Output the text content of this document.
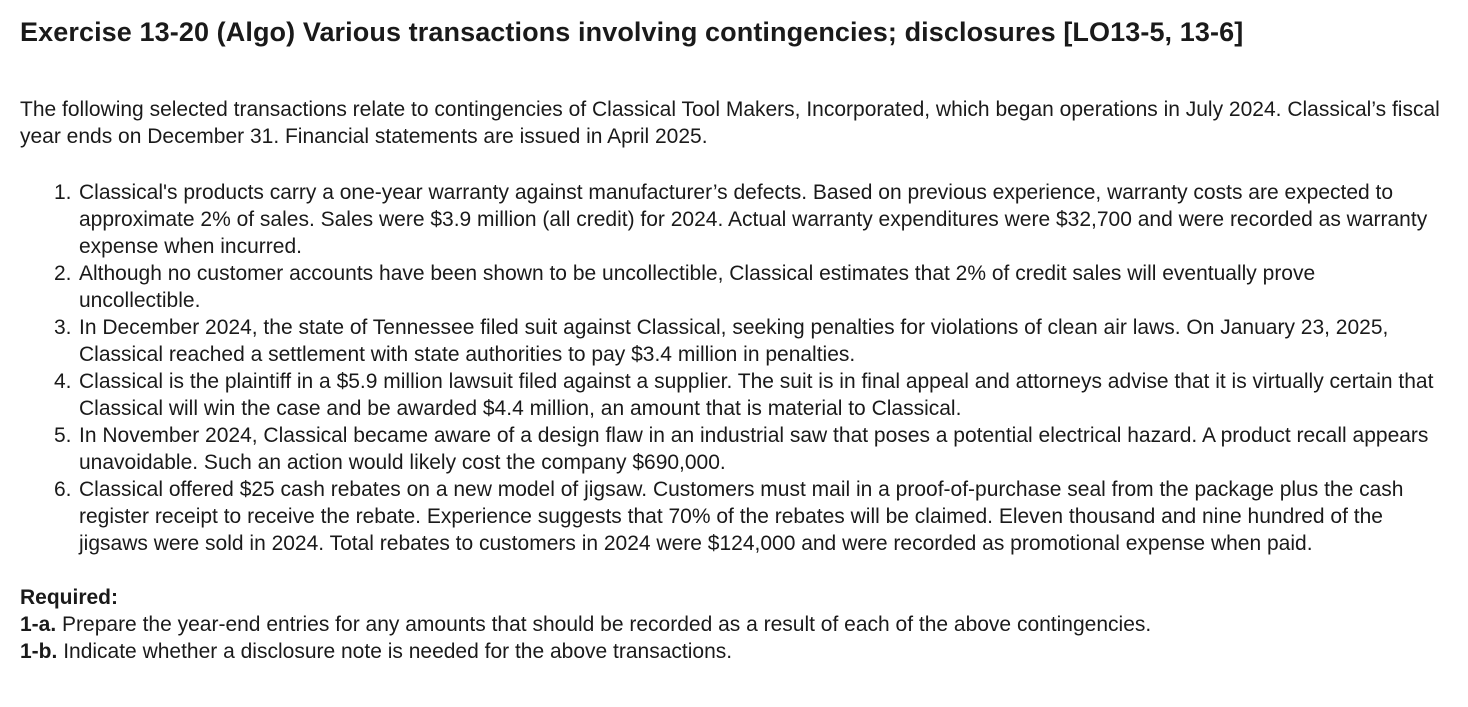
Exercise 13-20 (Algo) Various transactions involving contingencies; disclosures [LO13-5, 13-6]

The following selected transactions relate to contingencies of Classical Tool Makers, Incorporated, which began operations in July 2024. Classical’s fiscal year ends on December 31. Financial statements are issued in April 2025.

1. Classical's products carry a one-year warranty against manufacturer’s defects. Based on previous experience, warranty costs are expected to approximate 2% of sales. Sales were $3.9 million (all credit) for 2024. Actual warranty expenditures were $32,700 and were recorded as warranty expense when incurred.
2. Although no customer accounts have been shown to be uncollectible, Classical estimates that 2% of credit sales will eventually prove uncollectible.
3. In December 2024, the state of Tennessee filed suit against Classical, seeking penalties for violations of clean air laws. On January 23, 2025, Classical reached a settlement with state authorities to pay $3.4 million in penalties.
4. Classical is the plaintiff in a $5.9 million lawsuit filed against a supplier. The suit is in final appeal and attorneys advise that it is virtually certain that Classical will win the case and be awarded $4.4 million, an amount that is material to Classical.
5. In November 2024, Classical became aware of a design flaw in an industrial saw that poses a potential electrical hazard. A product recall appears unavoidable. Such an action would likely cost the company $690,000.
6. Classical offered $25 cash rebates on a new model of jigsaw. Customers must mail in a proof-of-purchase seal from the package plus the cash register receipt to receive the rebate. Experience suggests that 70% of the rebates will be claimed. Eleven thousand and nine hundred of the jigsaws were sold in 2024. Total rebates to customers in 2024 were $124,000 and were recorded as promotional expense when paid.
Required:
1-a. Prepare the year-end entries for any amounts that should be recorded as a result of each of the above contingencies.
1-b. Indicate whether a disclosure note is needed for the above transactions.
